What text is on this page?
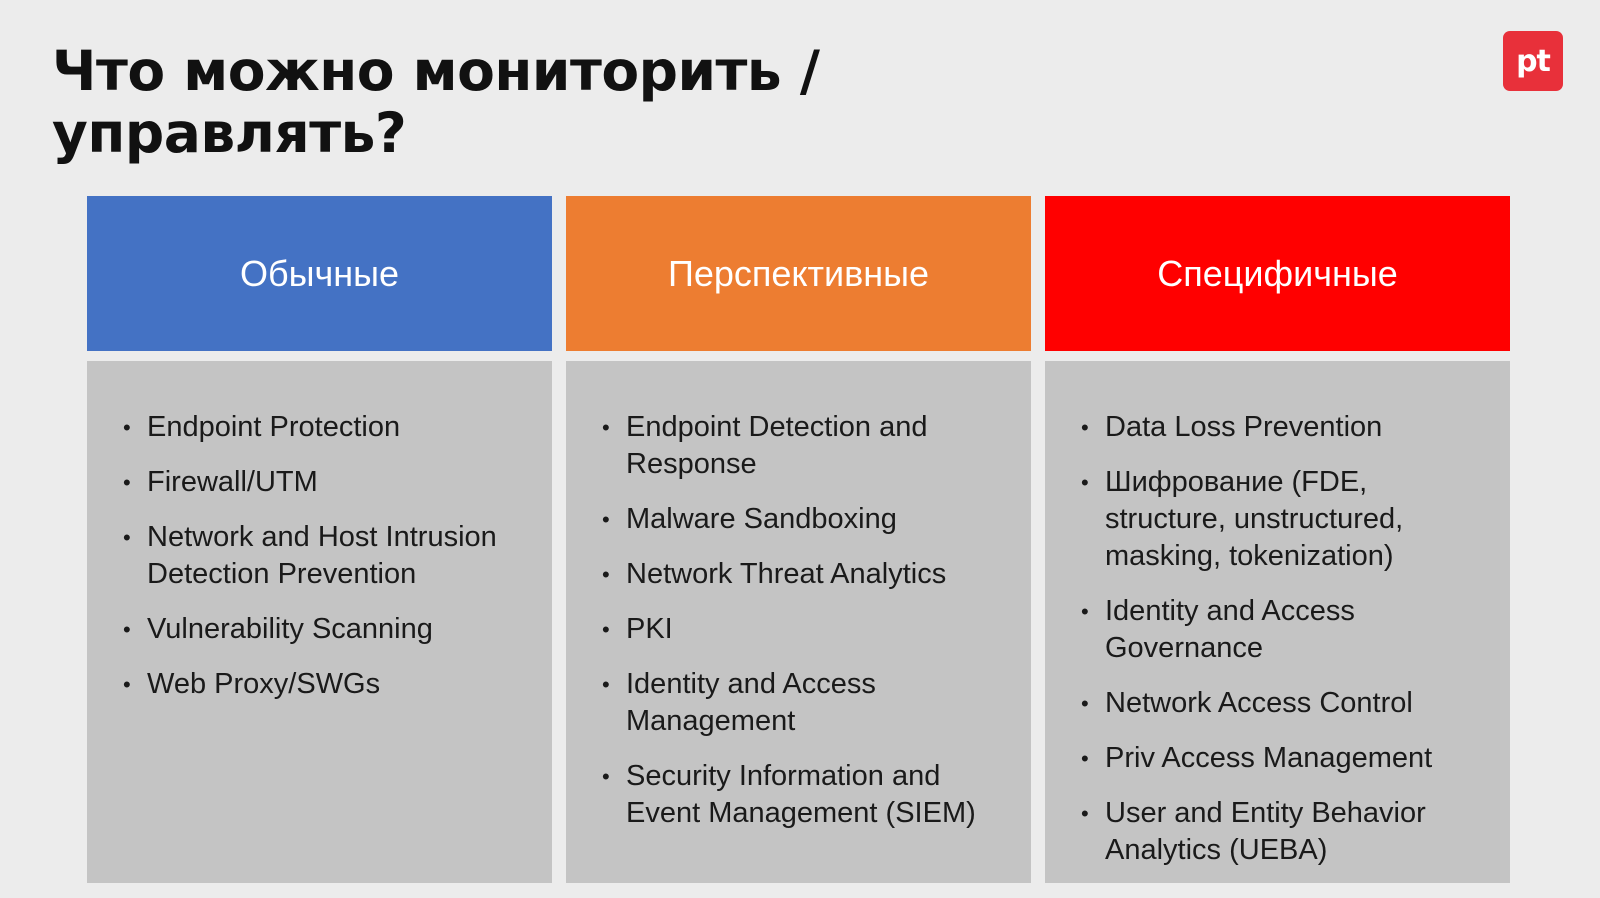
Что можно мониторить /
управлять?
pt
Обычные
• Endpoint Protection
• Firewall/UTM
• Network and Host Intrusion Detection Prevention
• Vulnerability Scanning
• Web Proxy/SWGs
Перспективные
• Endpoint Detection and Response
• Malware Sandboxing
• Network Threat Analytics
• PKI
• Identity and Access Management
• Security Information and Event Management (SIEM)
Специфичные
• Data Loss Prevention
• Шифрование (FDE, structure, unstructured, masking, tokenization)
• Identity and Access Governance
• Network Access Control
• Priv Access Management
• User and Entity Behavior Analytics (UEBA)
